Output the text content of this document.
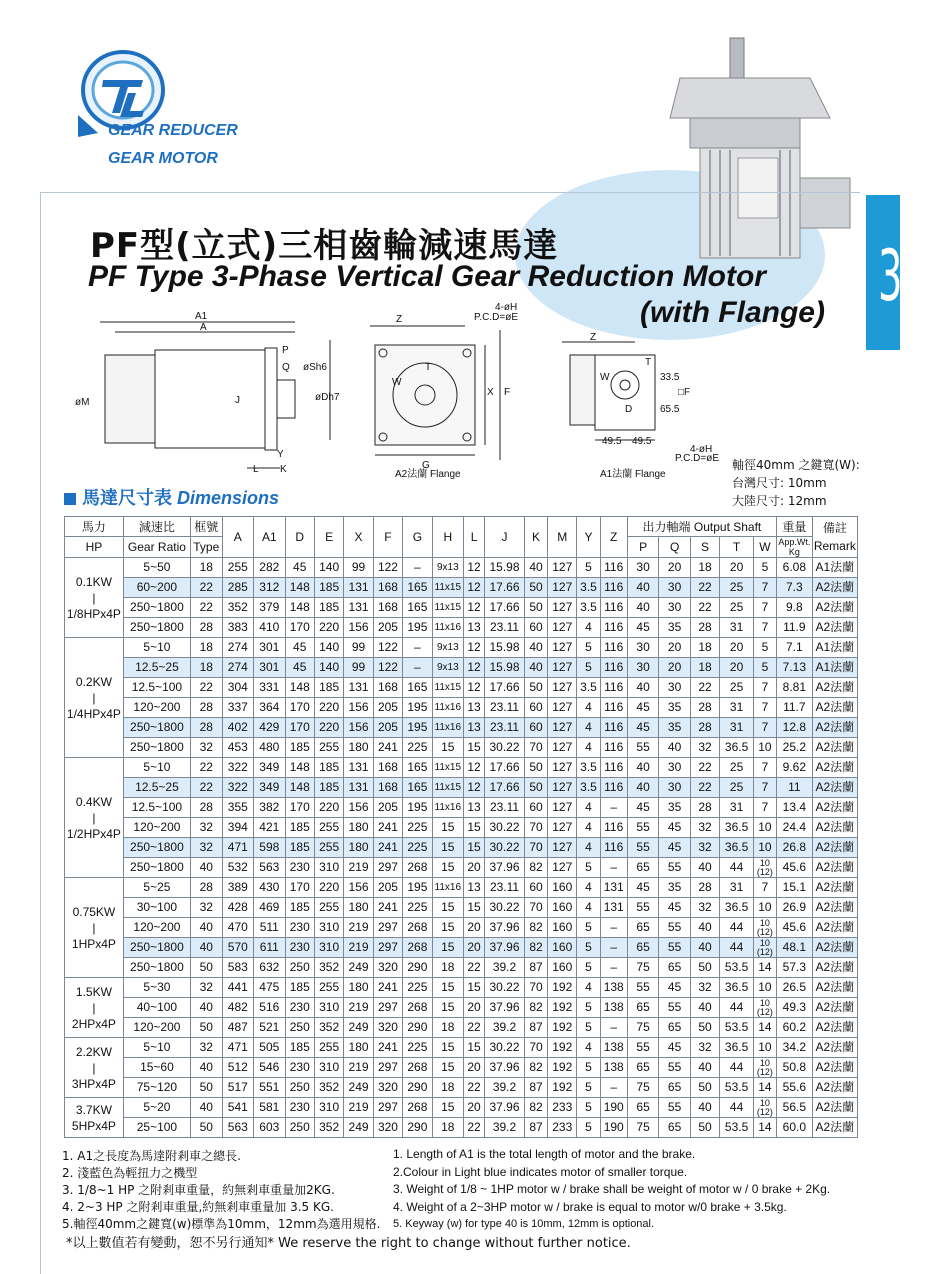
GEAR REDUCER
GEAR MOTOR
38
PF型(立式)三相齒輪減速馬達
PF Type 3-Phase Vertical Gear Reduction Motor
(with Flange)
A1
A
P
Q øSh6
øDh7
øM	J
Y
L K
Z
4-øH
P.C.D=øE
W
T
X F
G
A2法蘭 Flange
Z
W
T
D
33.5
65.5
□F
49.5 49.5
4-øH
P.C.D=øE
A1法蘭 Flange
軸徑40mm 之鍵寬(W):
台灣尺寸: 10mm
大陸尺寸: 12mm
馬達尺寸表 Dimensions
馬力	減速比	框號	A	A1	D	E	X	F	G	H	L	J	K	M	Y	Z	出力軸端 Output Shaft					重量	備註
Remark

HP	Gear Ratio	Type															P	Q	S	T	W	App.Wt.
Kg	

0.1KW
|
1/8HPx4P	5~50	18	255	282	45	140	99	122	–	9x13	12	15.98	40	127	5	116	30	20	18	20	5	6.08	A1法蘭
	60~200	22	285	312	148	185	131	168	165	11x15	12	17.66	50	127	3.5	116	40	30	22	25	7	7.3	A2法蘭
	250~1800	22	352	379	148	185	131	168	165	11x15	12	17.66	50	127	3.5	116	40	30	22	25	7	9.8	A2法蘭
	250~1800	28	383	410	170	220	156	205	195	11x16	13	23.11	60	127	4	116	45	35	28	31	7	11.9	A2法蘭

0.2KW
|
1/4HPx4P	5~10	18	274	301	45	140	99	122	–	9x13	12	15.98	40	127	5	116	30	20	18	20	5	7.1	A1法蘭
	12.5~25	18	274	301	45	140	99	122	–	9x13	12	15.98	40	127	5	116	30	20	18	20	5	7.13	A1法蘭
	12.5~100	22	304	331	148	185	131	168	165	11x15	12	17.66	50	127	3.5	116	40	30	22	25	7	8.81	A2法蘭
	120~200	28	337	364	170	220	156	205	195	11x16	13	23.11	60	127	4	116	45	35	28	31	7	11.7	A2法蘭
	250~1800	28	402	429	170	220	156	205	195	11x16	13	23.11	60	127	4	116	45	35	28	31	7	12.8	A2法蘭
	250~1800	32	453	480	185	255	180	241	225	15	15	30.22	70	127	4	116	55	40	32	36.5	10	25.2	A2法蘭

0.4KW
|
1/2HPx4P	5~10	22	322	349	148	185	131	168	165	11x15	12	17.66	50	127	3.5	116	40	30	22	25	7	9.62	A2法蘭
	12.5~25	22	322	349	148	185	131	168	165	11x15	12	17.66	50	127	3.5	116	40	30	22	25	7	11	A2法蘭
	12.5~100	28	355	382	170	220	156	205	195	11x16	13	23.11	60	127	4	–	45	35	28	31	7	13.4	A2法蘭
	120~200	32	394	421	185	255	180	241	225	15	15	30.22	70	127	4	116	55	45	32	36.5	10	24.4	A2法蘭
	250~1800	32	471	598	185	255	180	241	225	15	15	30.22	70	127	4	116	55	45	32	36.5	10	26.8	A2法蘭
	250~1800	40	532	563	230	310	219	297	268	15	20	37.96	82	127	5	–	65	55	40	44	10 (12)	45.6	A2法蘭

0.75KW
|
1HPx4P	5~25	28	389	430	170	220	156	205	195	11x16	13	23.11	60	160	4	131	45	35	28	31	7	15.1	A2法蘭
	30~100	32	428	469	185	255	180	241	225	15	15	30.22	70	160	4	131	55	45	32	36.5	10	26.9	A2法蘭
	120~200	40	470	511	230	310	219	297	268	15	20	37.96	82	160	5	–	65	55	40	44	10 (12)	45.6	A2法蘭
	250~1800	40	570	611	230	310	219	297	268	15	20	37.96	82	160	5	–	65	55	40	44	10 (12)	48.1	A2法蘭
	250~1800	50	583	632	250	352	249	320	290	18	22	39.2	87	160	5	–	75	65	50	53.5	14	57.3	A2法蘭

1.5KW
|
2HPx4P	5~30	32	441	475	185	255	180	241	225	15	15	30.22	70	192	4	138	55	45	32	36.5	10	26.5	A2法蘭
	40~100	40	482	516	230	310	219	297	268	15	20	37.96	82	192	5	138	65	55	40	44	10 (12)	49.3	A2法蘭
	120~200	50	487	521	250	352	249	320	290	18	22	39.2	87	192	5	–	75	65	50	53.5	14	60.2	A2法蘭

2.2KW
|
3HPx4P	5~10	32	471	505	185	255	180	241	225	15	15	30.22	70	192	4	138	55	45	32	36.5	10	34.2	A2法蘭
	15~60	40	512	546	230	310	219	297	268	15	20	37.96	82	192	5	138	65	55	40	44	10 (12)	50.8	A2法蘭
	75~120	50	517	551	250	352	249	320	290	18	22	39.2	87	192	5	–	75	65	50	53.5	14	55.6	A2法蘭

3.7KW
5HPx4P	5~20	40	541	581	230	310	219	297	268	15	20	37.96	82	233	5	190	65	55	40	44	10 (12)	56.5	A2法蘭
	25~100	50	563	603	250	352	249	320	290	18	22	39.2	87	233	5	190	75	65	50	53.5	14	60.0	A2法蘭
1. A1之長度為馬達附剎車之總長.
2. 淺藍色為輕扭力之機型
3. 1/8~1 HP 之附剎車重量，約無剎車重量加2KG.
4. 2~3 HP 之附剎車重量,約無剎車重量加 3.5 KG.
5.軸徑40mm之鍵寬(w)標準為10mm，12mm為選用規格.
1. Length of A1 is the total length of motor and the brake.
2.Colour in Light blue indicates motor of smaller torque.
3. Weight of 1/8 ~ 1HP motor w / brake shall be weight of motor w / 0 brake + 2Kg.
4. Weight of a 2~3HP motor w / brake is equal to motor w/0 brake + 3.5kg.
5. Keyway (w) for type 40 is 10mm, 12mm is optional.
*以上數值若有變動，恕不另行通知* We reserve the right to change without further notice.
